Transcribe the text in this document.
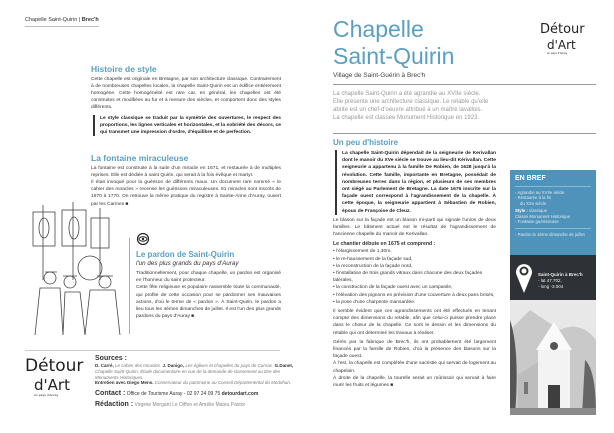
Chapelle Saint-Quirin | Brec'h
Histoire de style
Cette chapelle est originale en Bretagne, par son architecture classique. Contrairement à de nombreuses chapelles locales, la chapelle Saint-Quirin est un édifice entièrement homogène. Cette homogénéité est rare car, en général, les chapelles ont été construites et modifiées au fur et à mesure des siècles, et comportent donc des styles différents.
Le style classique se traduit par la symétrie des ouvertures, le respect des proportions, les lignes verticales et horizontales, et la sobriété des décors, ce qui transmet une impression d'ordre, d'équilibre et de perfection.
La fontaine miraculeuse
La fontaine est construite à la suite d'un miracle en 1671, et restaurée à de multiples reprises. Elle est dédiée à saint Quirin, qui serait à la fois évêque et martyr.
Il était invoqué pour la guérison de différents maux. Un document rare nommé « le cahier des miracles » recense les guérisons miraculeuses. 81 miracles sont inscrits de 1670 à 1770. On retrouve la même pratique du registre à Sainte-Anne d'Auray, ouvert par les Carmes ■
Le pardon de Saint-Quirin
l'un des plus grands du pays d'Auray
Traditionnellement, pour chaque chapelle, un pardon est organisé en l'honneur du saint protecteur.
Cette fête religieuse et populaire rassemble toute la communauté, qui profite de cette occasion pour se pardonner ses mauvaises actions, d'où le terme de « pardon ». À Saint-Quirin, le pardon a lieu tous les 4èmes dimanches de juillet. Il est l'un des plus grands pardons du pays d'Auray ■
Détour
d'Art
en pays d'Auray
Sources :
D. Carré, Le cahier des miracles. J. Danigo, Les églises et chapelles du pays de Carnac. G.Danet, Chapelle Saint-Quirin. Étude documentaire en vue de la demande de classement au titre des Monuments Historiques.
Entretien avec Diego Mens. Conservateur du patrimoine au Conseil Départemental du Morbihan.
Contact : Office de Tourisme Auray - 02 97 24 09 75 detourdart.com
Rédaction : Virginie Morgant Le Diffon et Amélie Mateu Pastor
Chapelle
Saint-Quirin
Village de Saint-Guérin à Brec'h
Détour
d'Art
en pays d'Auray
La chapelle Saint-Quirin a été agrandie au XVIIe siècle.
Elle présente une architecture classique. Le retable qu'elle
abrite est un chef-d'oeuvre attribué à un maître lavallois.
La chapelle est classée Monument Historique en 1923.
Un peu d'histoire
La chapelle Saint-Quirin dépendait de la seigneurie de Kerivallan dont le manoir du XVe siècle se trouve au lieu-dit Kérivallan. Cette seigneurie a appartenu à la famille De Robien, de 1628 jusqu'à la révolution. Cette famille, importante en Bretagne, possédait de nombreuses terres dans la région, et plusieurs de ses membres ont siégé au Parlement de Bretagne. La date 1676 inscrite sur la façade ouest correspond à l'agrandissement de la chapelle. À cette époque, la seigneurie appartient à Sébastien de Robien, époux de Françoise de Cleuz.
Le blason sur la façade est un blason mi-parti qui signale l'union de deux familles. Le bâtiment actuel est le résultat de l'agrandissement de l'ancienne chapelle du manoir de Kerivallan.
Le chantier débute en 1675 et comprend :
• l'élargissement de 1,30m,
• le re-haussement de la façade sud,
• la reconstruction de la façade nord,
• l'installation de trois grands vitraux dans chacune des deux façades latérales,
• la construction de la façade ouest avec un campanile,
• l'élévation des pignons en prévision d'une couverture à deux pans brisés,
• la pose d'une charpente mansardée.
Il semble évident que ces agrandissements ont été effectués en tenant compte des dimensions du retable, afin que celui-ci puisse prendre place dans le chœur de la chapelle. Ce sont le dessin et les dimensions du retable qui ont déterminé les travaux à réaliser.
Gérés par la fabrique de Brec'h, ils ont probablement été largement financés par la famille de Robien, d'où la présence des blasons sur la façade ouest.
À l'est, la chapelle est complétée d'une sacristie qui servait de logement au chapelain.
À droite de la chapelle, la tourelle serait un mûrissoir qui servait à faire murir les fruits et légumes ■
EN BREF
- Agrandie au XVIIe siècle
- Restaurée à la fin
du XXe siècle
Style : classique
Classé Monument Historique
- Fontaine guérisseuse
- Pardon le 4ème dimanche de juillet
Saint-Quirin à Brec'h
- lat 47.702,
- long -3.004
